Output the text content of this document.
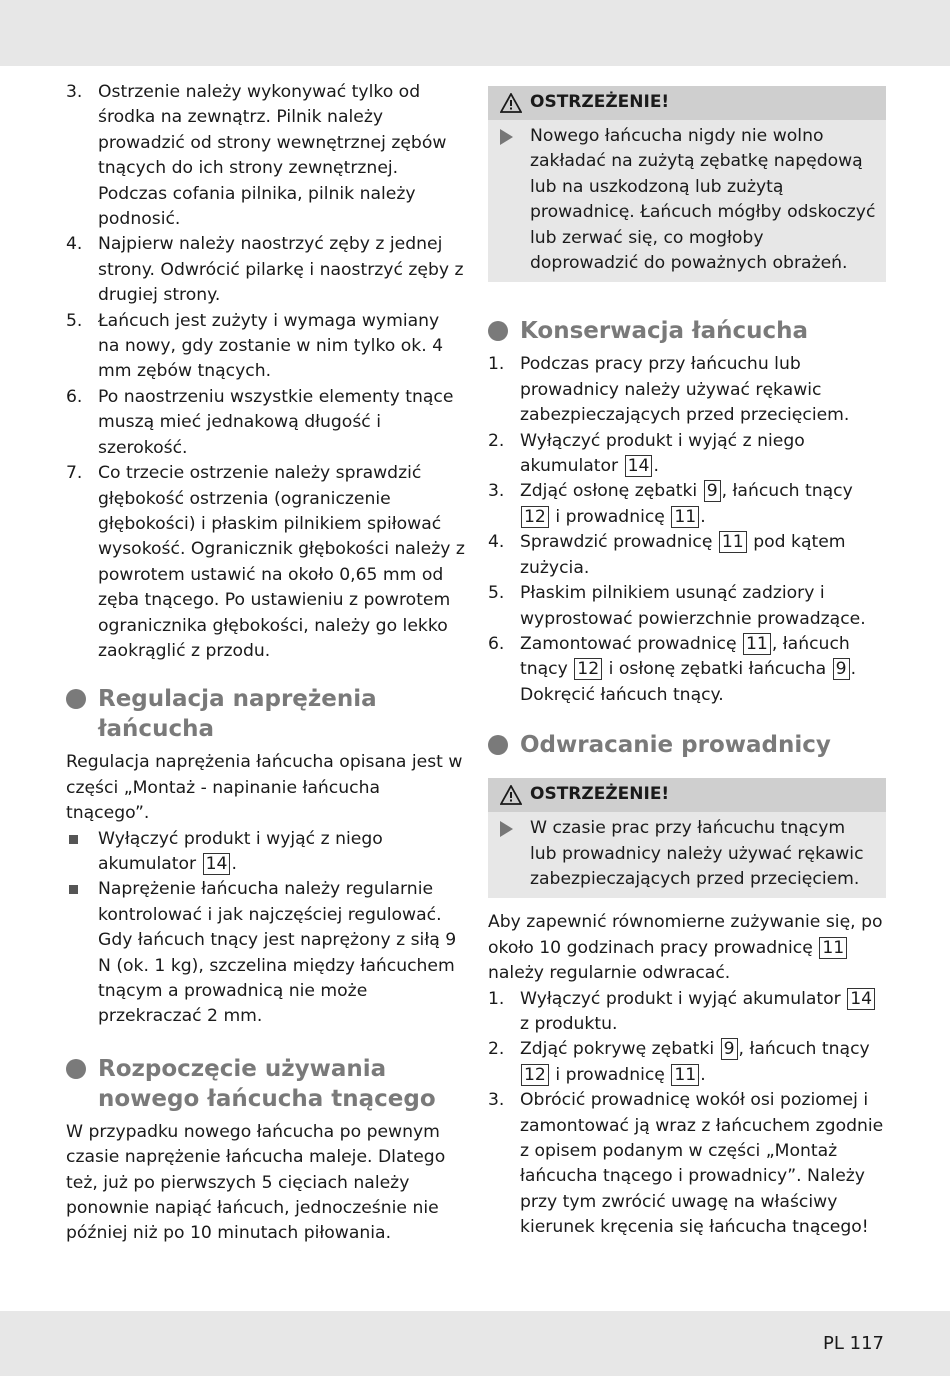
3. Ostrzenie należy wykonywać tylko od środka na zewnątrz. Pilnik należy prowadzić od strony wewnętrznej zębów tnących do ich strony zewnętrznej. Podczas cofania pilnika, pilnik należy podnosić.
4. Najpierw należy naostrzyć zęby z jednej strony. Odwrócić pilarkę i naostrzyć zęby z drugiej strony.
5. Łańcuch jest zużyty i wymaga wymiany na nowy, gdy zostanie w nim tylko ok. 4 mm zębów tnących.
6. Po naostrzeniu wszystkie elementy tnące muszą mieć jednakową długość i szerokość.
7. Co trzecie ostrzenie należy sprawdzić głębokość ostrzenia (ograniczenie głębokości) i płaskim pilnikiem spiłować wysokość. Ogranicznik głębokości należy z powrotem ustawić na około 0,65 mm od zęba tnącego. Po ustawieniu z powrotem ogranicznika głębokości, należy go lekko zaokrąglić z przodu.
Regulacja naprężenia łańcucha

Regulacja naprężenia łańcucha opisana jest w części „Montaż - napinanie łańcucha tnącego”.

Wyłączyć produkt i wyjąć z niego akumulator 14 .
Naprężenie łańcucha należy regularnie kontrolować i jak najczęściej regulować. Gdy łańcuch tnący jest naprężony z siłą 9 N (ok. 1 kg), szczelina między łańcuchem tnącym a prowadnicą nie może przekraczać 2 mm.
Rozpoczęcie używania nowego łańcucha tnącego

W przypadku nowego łańcucha po pewnym czasie naprężenie łańcucha maleje. Dlatego też, już po pierwszych 5 cięciach należy ponownie napiąć łańcuch, jednocześnie nie później niż po 10 minutach piłowania.

OSTRZEŻENIE!
Nowego łańcucha nigdy nie wolno zakładać na zużytą zębatkę napędową lub na uszkodzoną lub zużytą prowadnicę. Łańcuch mógłby odskoczyć lub zerwać się, co mogłoby doprowadzić do poważnych obrażeń.
Konserwacja łańcucha
1. Podczas pracy przy łańcuchu lub prowadnicy należy używać rękawic zabezpieczających przed przecięciem.
2. Wyłączyć produkt i wyjąć z niego akumulator 14 .
3. Zdjąć osłonę zębatki 9 , łańcuch tnący 12 i prowadnicę 11 .
4. Sprawdzić prowadnicę 11 pod kątem zużycia.
5. Płaskim pilnikiem usunąć zadziory i wyprostować powierzchnie prowadzące.
6. Zamontować prowadnicę 11 , łańcuch tnący 12 i osłonę zębatki łańcucha 9 . Dokręcić łańcuch tnący.
Odwracanie prowadnicy
OSTRZEŻENIE!
W czasie prac przy łańcuchu tnącym lub prowadnicy należy używać rękawic zabezpieczających przed przecięciem.

Aby zapewnić równomierne zużywanie się, po około 10 godzinach pracy prowadnicę 11 należy regularnie odwracać.

1. Wyłączyć produkt i wyjąć akumulator 14 z produktu.
2. Zdjąć pokrywę zębatki 9 , łańcuch tnący 12 i prowadnicę 11 .
3. Obrócić prowadnicę wokół osi poziomej i zamontować ją wraz z łańcuchem zgodnie z opisem podanym w części „Montaż łańcucha tnącego i prowadnicy”. Należy przy tym zwrócić uwagę na właściwy kierunek kręcenia się łańcucha tnącego!
PL 117
